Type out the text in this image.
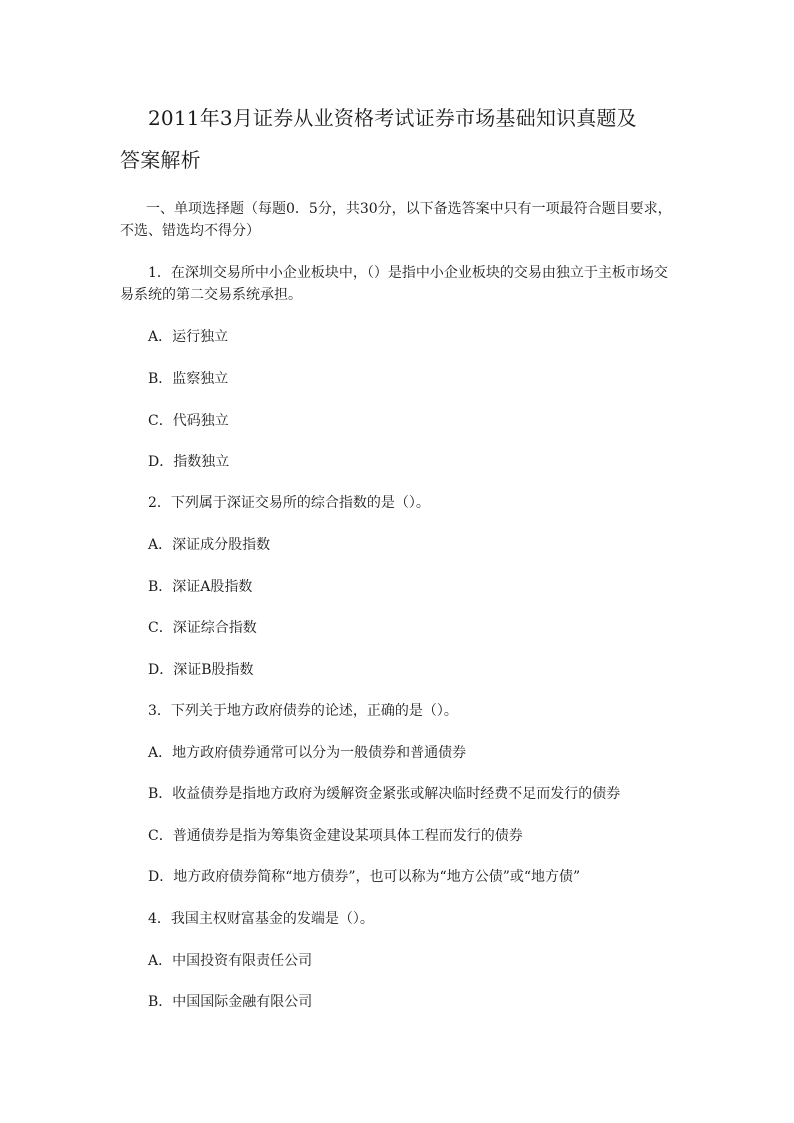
2011年3月证券从业资格考试证券市场基础知识真题及
答案解析
一、单项选择题（每题0．5分，共30分，以下备选答案中只有一项最符合题目要求，不选、错选均不得分）
1．在深圳交易所中小企业板块中，（）是指中小企业板块的交易由独立于主板市场交易系统的第二交易系统承担。
A．运行独立
B．监察独立
C．代码独立
D．指数独立
2．下列属于深证交易所的综合指数的是（）。
A．深证成分股指数
B．深证A股指数
C．深证综合指数
D．深证B股指数
3．下列关于地方政府债券的论述，正确的是（）。
A．地方政府债券通常可以分为一般债券和普通债券
B．收益债券是指地方政府为缓解资金紧张或解决临时经费不足而发行的债券
C．普通债券是指为筹集资金建设某项具体工程而发行的债券
D．地方政府债券简称“地方债券”，也可以称为“地方公债”或“地方债”
4．我国主权财富基金的发端是（）。
A．中国投资有限责任公司
B．中国国际金融有限公司
